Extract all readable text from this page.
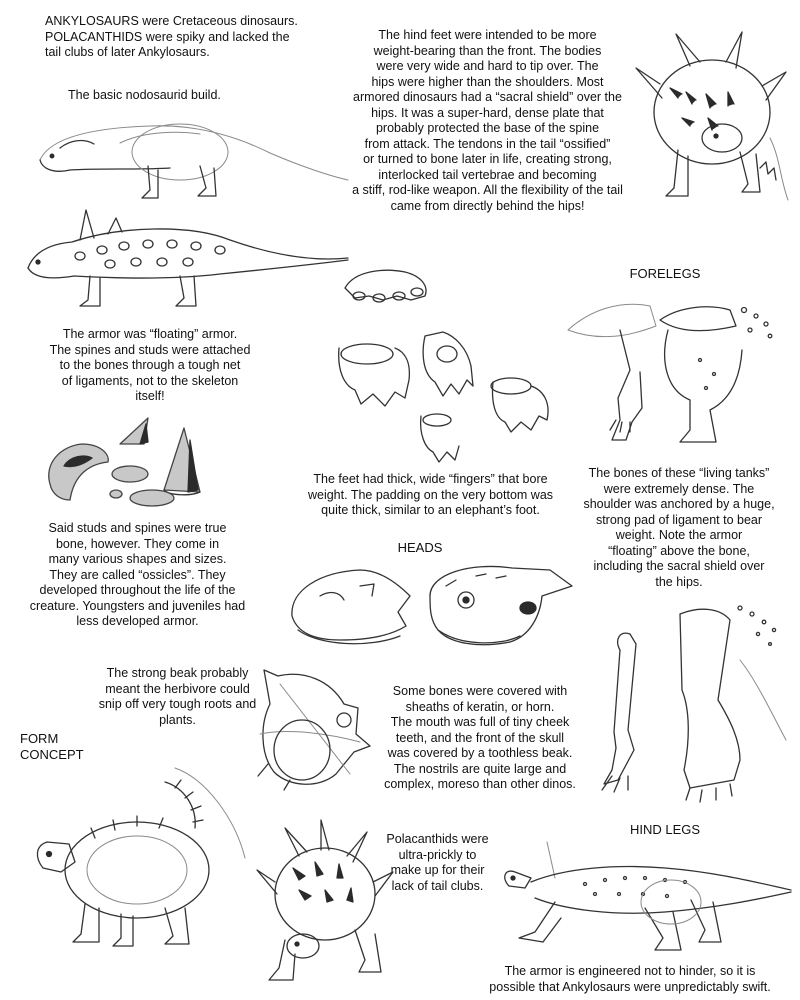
ANKYLOSAURS were Cretaceous dinosaurs.
POLACANTHIDS were spiky and lacked the
tail clubs of later Ankylosaurs.
The basic nodosaurid build.
The hind feet were intended to be more
weight-bearing than the front. The bodies
were very wide and hard to tip over. The
hips were higher than the shoulders. Most
armored dinosaurs had a “sacral shield” over the
hips. It was a super-hard, dense plate that
probably protected the base of the spine
from attack. The tendons in the tail “ossified”
or turned to bone later in life, creating strong,
interlocked tail vertebrae and becoming
a stiff, rod-like weapon. All the flexibility of the tail
came from directly behind the hips!
FORELEGS
The armor was “floating” armor.
The spines and studs were attached
to the bones through a tough net
of ligaments, not to the skeleton
itself!
The feet had thick, wide “fingers” that bore
weight. The padding on the very bottom was
quite thick, similar to an elephant’s foot.
The bones of these “living tanks”
were extremely dense. The
shoulder was anchored by a huge,
strong pad of ligament to bear
weight. Note the armor
“floating” above the bone,
including the sacral shield over
the hips.
Said studs and spines were true
bone, however. They come in
many various shapes and sizes.
They are called “ossicles”. They
developed throughout the life of the
creature. Youngsters and juveniles had
less developed armor.
HEADS
The strong beak probably
meant the herbivore could
snip off very tough roots and
plants.
FORM
CONCEPT
Some bones were covered with
sheaths of keratin, or horn.
The mouth was full of tiny cheek
teeth, and the front of the skull
was covered by a toothless beak.
The nostrils are quite large and
complex, moreso than other dinos.
Polacanthids were
ultra-prickly to
make up for their
lack of tail clubs.
HIND LEGS
The armor is engineered not to hinder, so it is
possible that Ankylosaurs were unpredictably swift.
